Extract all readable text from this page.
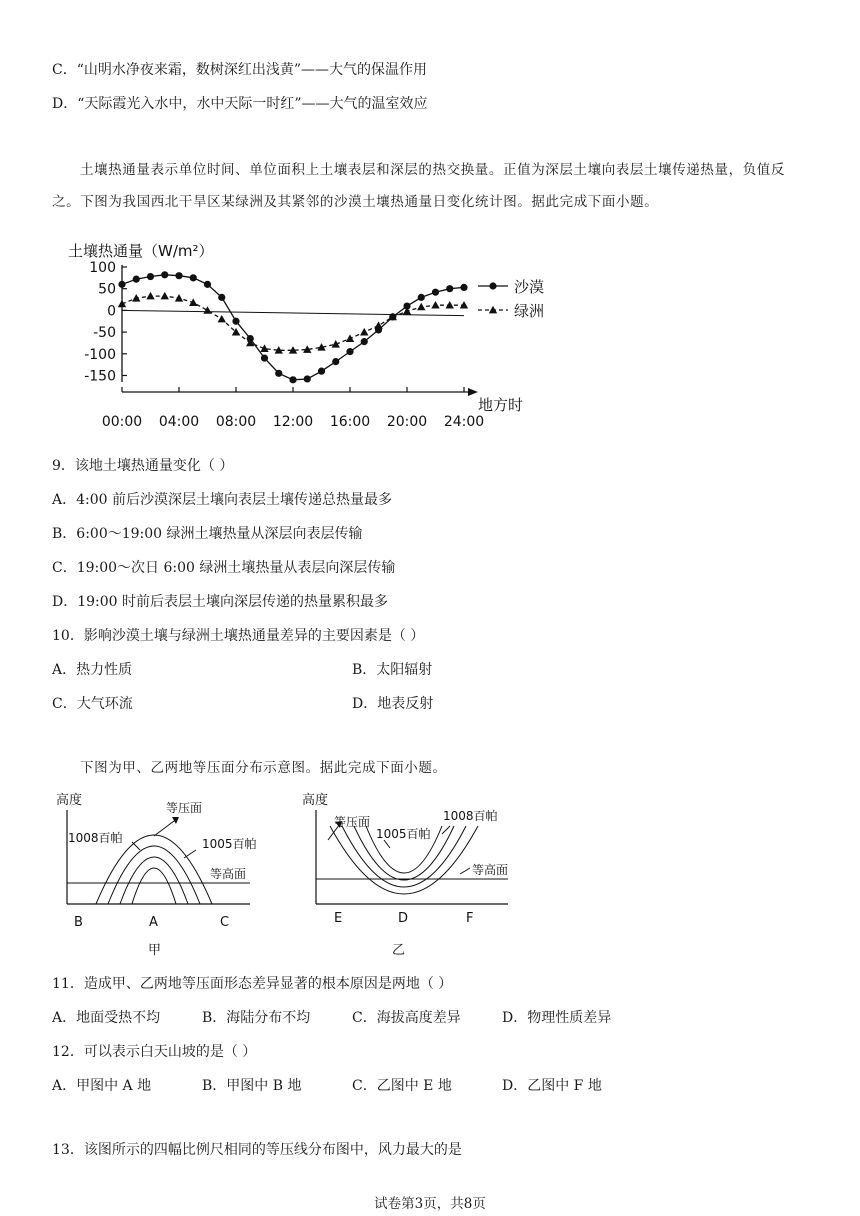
C．“山明水净夜来霜，数树深红出浅黄”——大气的保温作用
D．“天际霞光入水中，水中天际一时红”——大气的温室效应
土壤热通量表示单位时间、单位面积上土壤表层和深层的热交换量。正值为深层土壤向表层土壤传递热量，负值反之。下图为我国西北干旱区某绿洲及其紧邻的沙漠土壤热通量日变化统计图。据此完成下面小题。
土壤热通量（W/m²）
100
50
0
-50
-100
-150
00:00 04:00 08:00 12:00 16:00 20:00 24:00
沙漠
绿洲
地方时
9．该地土壤热通量变化（ ）
A．4:00 前后沙漠深层土壤向表层土壤传递总热量最多
B．6:00～19:00 绿洲土壤热量从深层向表层传输
C．19:00～次日 6:00 绿洲土壤热量从表层向深层传输
D．19:00 时前后表层土壤向深层传递的热量累积最多
10．影响沙漠土壤与绿洲土壤热通量差异的主要因素是（ ）
A．热力性质	B．太阳辐射
C．大气环流	D．地表反射
下图为甲、乙两地等压面分布示意图。据此完成下面小题。
高度	等压面
1008百帕	1005百帕
等高面
B	A	C
甲
高度
等压面
1005百帕
1008百帕
等高面
E	D	F
乙
11．造成甲、乙两地等压面形态差异显著的根本原因是两地（ ）
A．地面受热不均	B．海陆分布不均	C．海拔高度差异	D．物理性质差异
12．可以表示白天山坡的是（ ）
A．甲图中 A 地	B．甲图中 B 地	C．乙图中 E 地	D．乙图中 F 地
13．该图所示的四幅比例尺相同的等压线分布图中，风力最大的是
试卷第3页，共8页
